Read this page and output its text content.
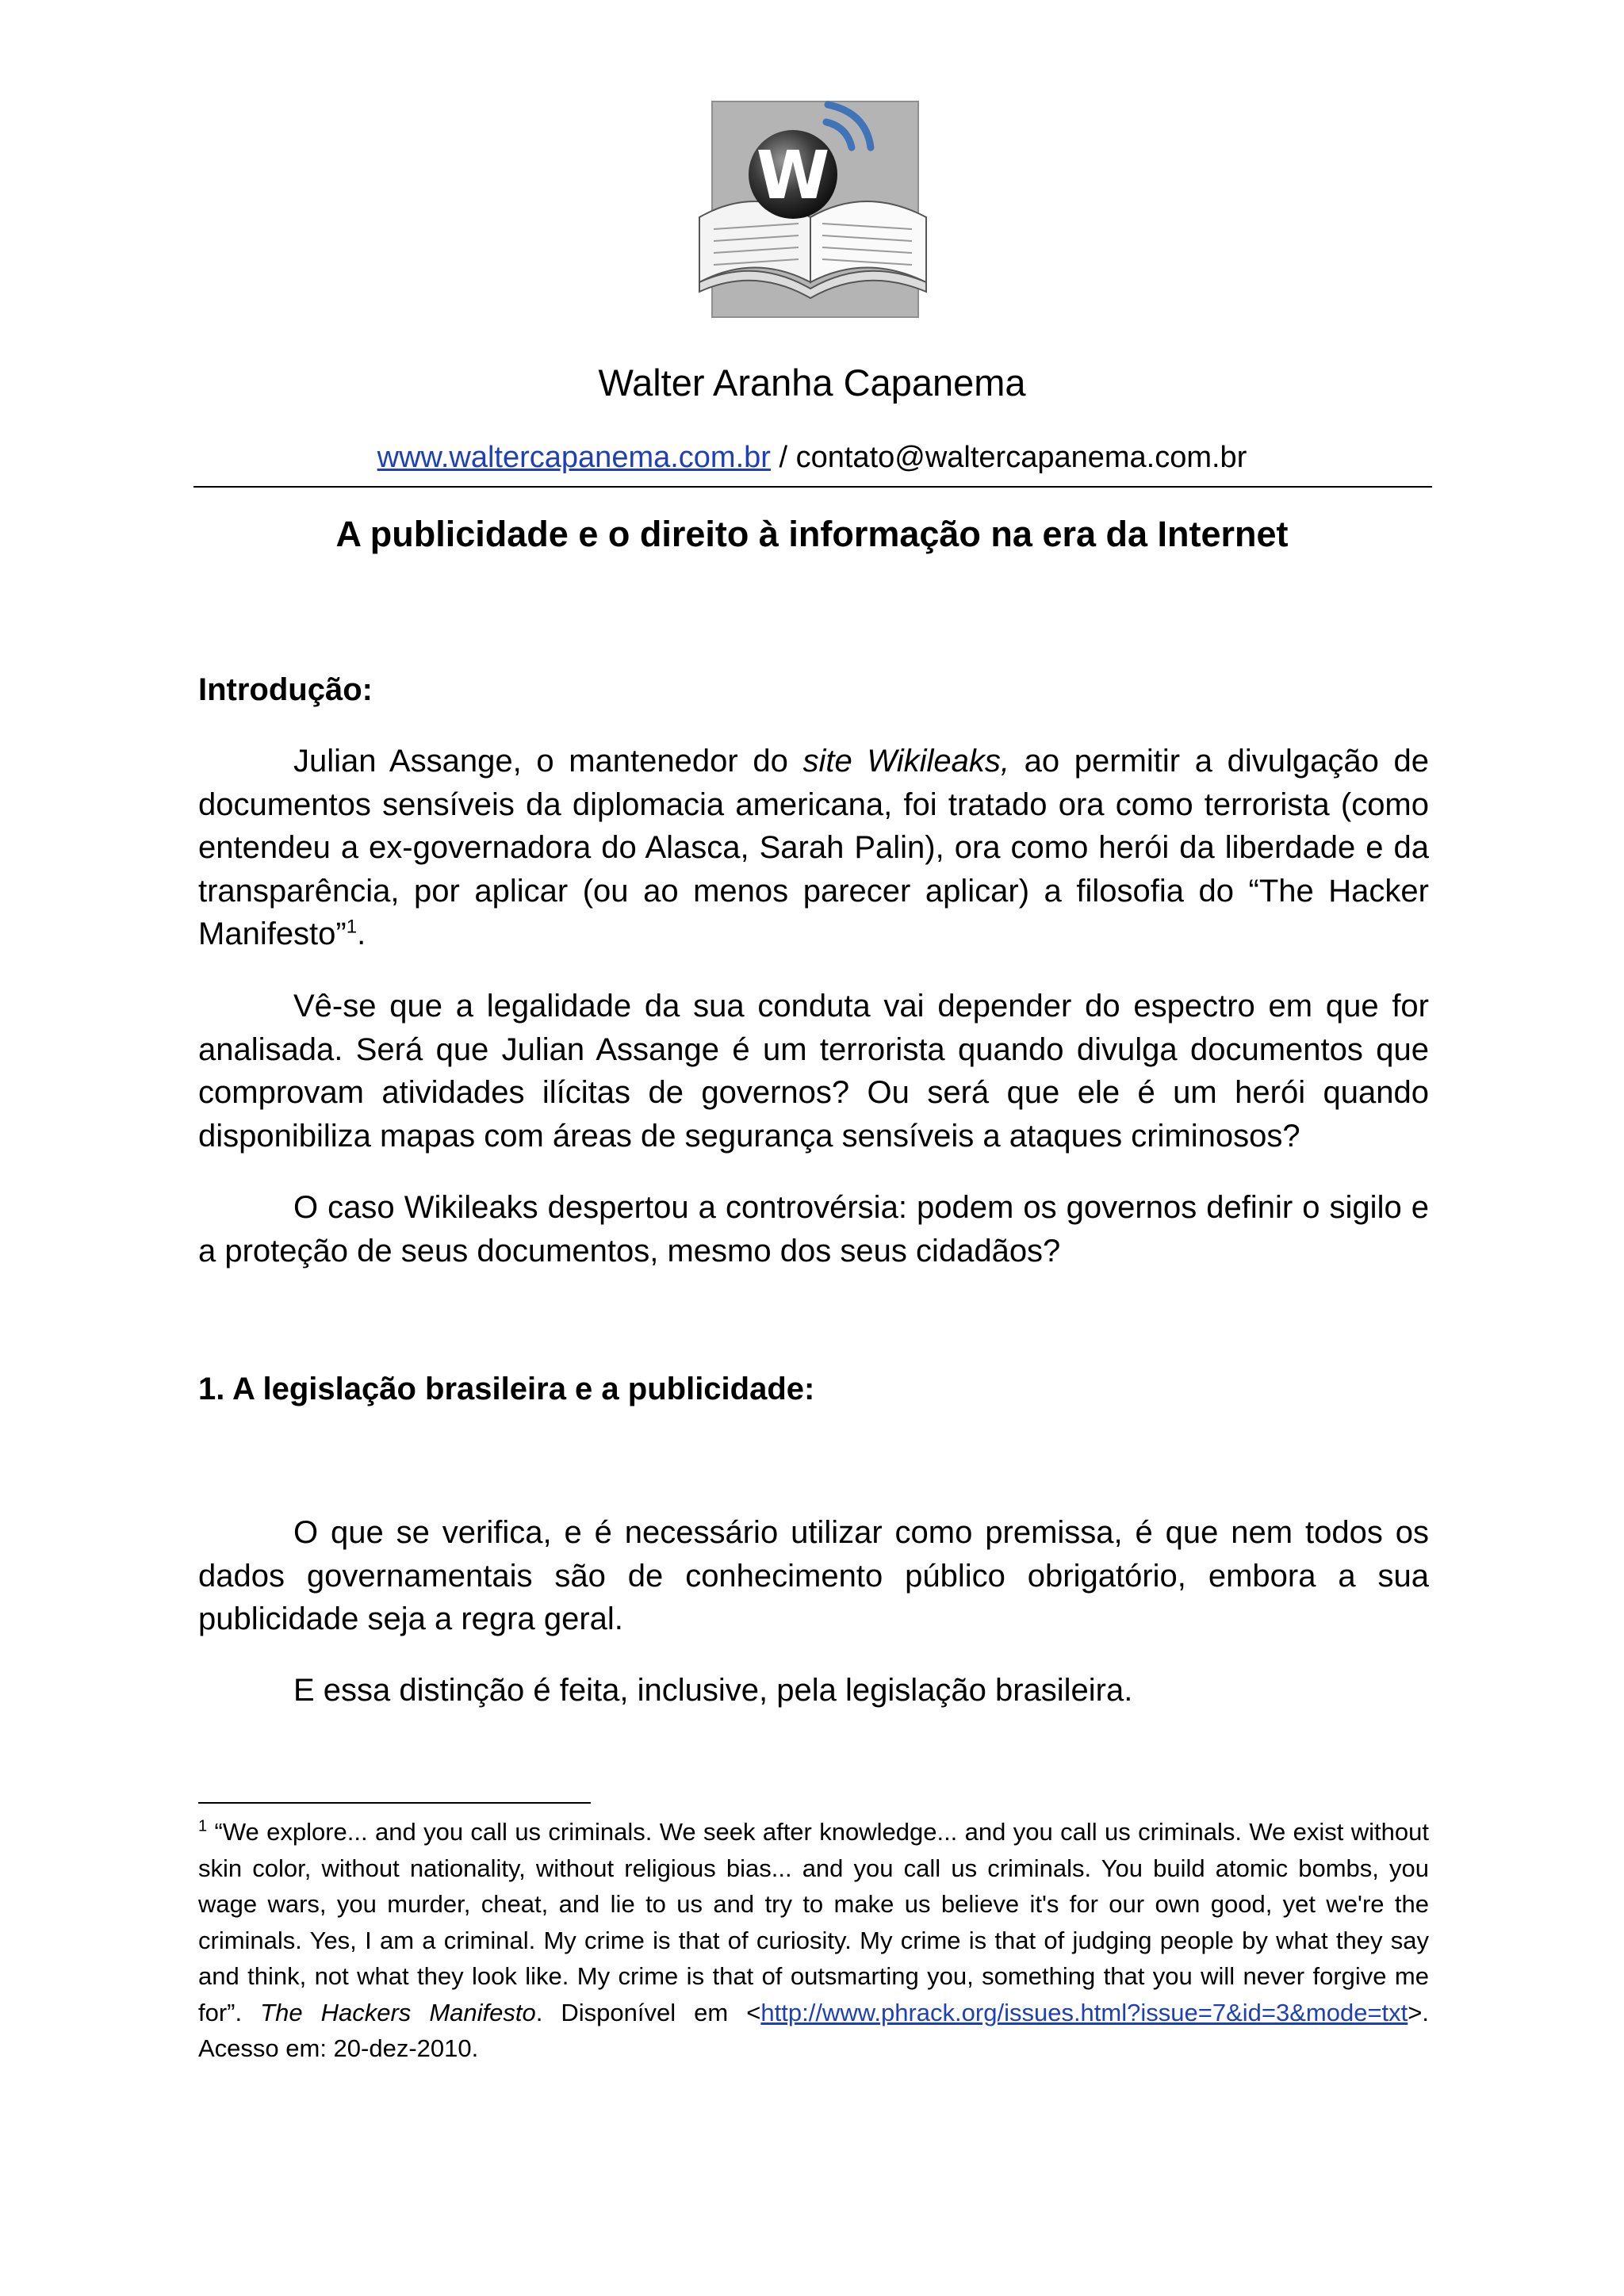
W
Walter Aranha Capanema
www.waltercapanema.com.br / contato@waltercapanema.com.br
A publicidade e o direito à informação na era da Internet
Introdução:

Julian Assange, o mantenedor do site Wikileaks, ao permitir a divulgação de documentos sensíveis da diplomacia americana, foi tratado ora como terrorista (como entendeu a ex-governadora do Alasca, Sarah Palin), ora como herói da liberdade e da transparência, por aplicar (ou ao menos parecer aplicar) a filosofia do “The Hacker Manifesto”$^1$.

Vê-se que a legalidade da sua conduta vai depender do espectro em que for analisada. Será que Julian Assange é um terrorista quando divulga documentos que comprovam atividades ilícitas de governos? Ou será que ele é um herói quando disponibiliza mapas com áreas de segurança sensíveis a ataques criminosos?

O caso Wikileaks despertou a controvérsia: podem os governos definir o sigilo e a proteção de seus documentos, mesmo dos seus cidadãos?

1. A legislação brasileira e a publicidade:

O que se verifica, e é necessário utilizar como premissa, é que nem todos os dados governamentais são de conhecimento público obrigatório, embora a sua publicidade seja a regra geral.

E essa distinção é feita, inclusive, pela legislação brasileira.

$^1$ “We explore... and you call us criminals. We seek after knowledge... and you call us criminals. We exist without skin color, without nationality, without religious bias... and you call us criminals. You build atomic bombs, you wage wars, you murder, cheat, and lie to us and try to make us believe it's for our own good, yet we're the criminals. Yes, I am a criminal. My crime is that of curiosity. My crime is that of judging people by what they say and think, not what they look like. My crime is that of outsmarting you, something that you will never forgive me for”. The Hackers Manifesto. Disponível em <http://www.phrack.org/issues.html?issue=7&id=3&mode=txt>. Acesso em: 20-dez-2010.
